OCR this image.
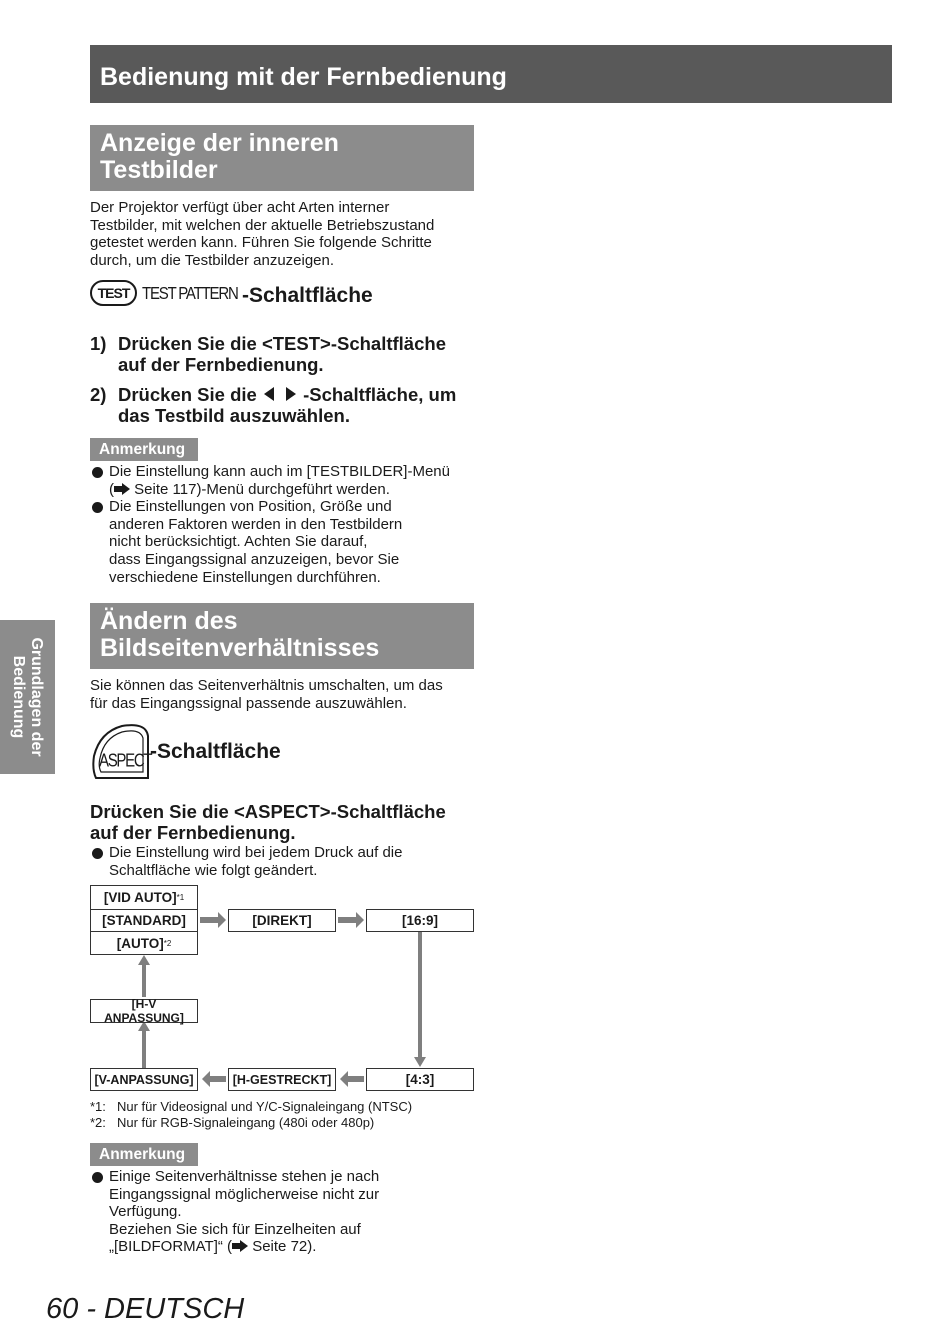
Bedienung mit der Fernbedienung
Grundlagen der
Bedienung
Anzeige der inneren
Testbilder
Der Projektor verfügt über acht Arten interner
Testbilder, mit welchen der aktuelle Betriebszustand
getestet werden kann. Führen Sie folgende Schritte
durch, um die Testbilder anzuzeigen.
TEST TEST PATTERN -Schaltfläche
1) Drücken Sie die <TEST>-Schaltfläche
auf der Fernbedienung.
2) Drücken Sie die	-Schaltfläche, um
das Testbild auszuwählen.
Anmerkung
Die Einstellung kann auch im [TESTBILDER]-Menü
( Seite 117)-Menü durchgeführt werden.
Die Einstellungen von Position, Größe und
anderen Faktoren werden in den Testbildern
nicht berücksichtigt. Achten Sie darauf,
dass Eingangssignal anzuzeigen, bevor Sie
verschiedene Einstellungen durchführen.
Ändern des
Bildseitenverhältnisses
Sie können das Seitenverhältnis umschalten, um das
für das Eingangssignal passende auszuwählen.
ASPECT
-Schaltfläche
Drücken Sie die <ASPECT>-Schaltfläche
auf der Fernbedienung.
Die Einstellung wird bei jedem Druck auf die
Schaltfläche wie folgt geändert.
[VID AUTO] *1
[STANDARD]
[AUTO] *2
[DIREKT]	[16:9]
[H-V ANPASSUNG]
[V-ANPASSUNG]	[H-GESTRECKT]	[4:3]
*1: Nur für Videosignal und Y/C-Signaleingang (NTSC)
*2: Nur für RGB-Signaleingang (480i oder 480p)
Anmerkung
Einige Seitenverhältnisse stehen je nach
Eingangssignal möglicherweise nicht zur
Verfügung.
Beziehen Sie sich für Einzelheiten auf
„[BILDFORMAT]“ ( Seite 72).
60 - DEUTSCH
